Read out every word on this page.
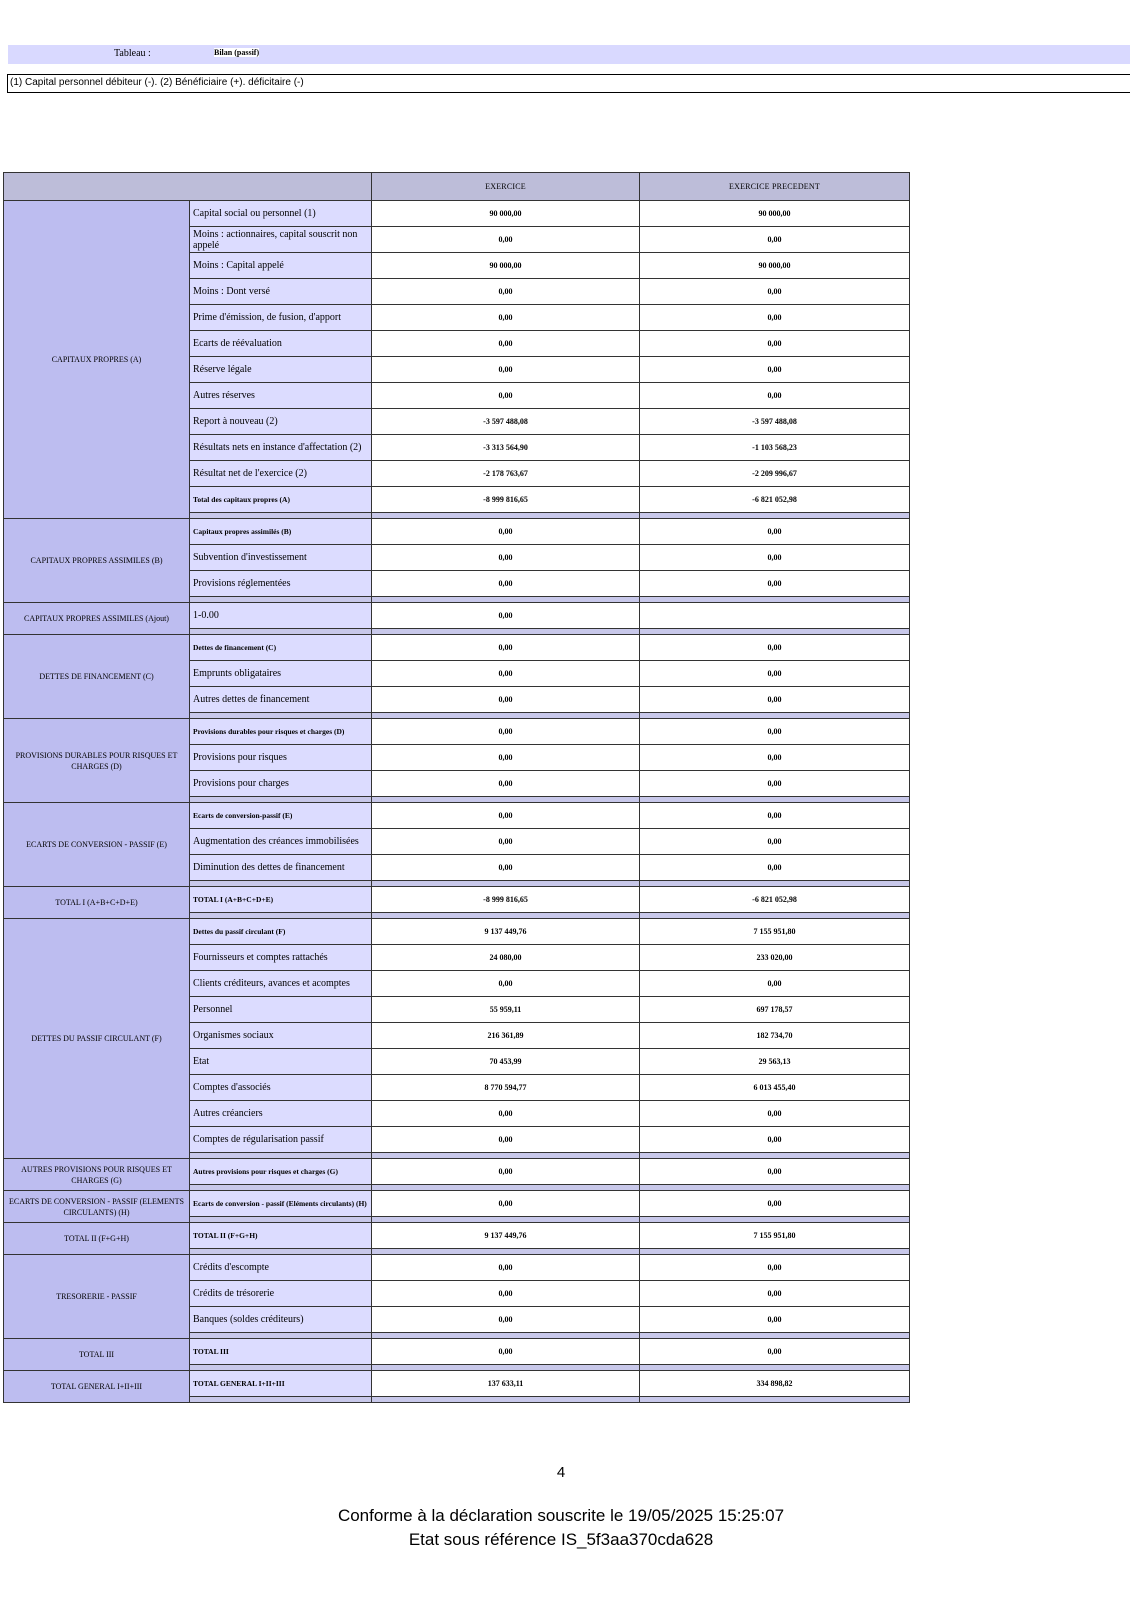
Tableau :	Bilan (passif)
(1) Capital personnel débiteur (-). (2) Bénéficiaire (+). déficitaire (-)
		EXERCICE	EXERCICE PRECEDENT
CAPITAUX PROPRES (A)	Capital social ou personnel (1)	90 000,00	90 000,00
	Moins : actionnaires, capital souscrit non appelé	0,00	0,00
	Moins : Capital appelé	90 000,00	90 000,00
	Moins : Dont versé	0,00	0,00
	Prime d'émission, de fusion, d'apport	0,00	0,00
	Ecarts de réévaluation	0,00	0,00
	Réserve légale	0,00	0,00
	Autres réserves	0,00	0,00
	Report à nouveau (2)	-3 597 488,08	-3 597 488,08
	Résultats nets en instance d'affectation (2)	-3 313 564,90	-1 103 568,23
	Résultat net de l'exercice (2)	-2 178 763,67	-2 209 996,67
	Total des capitaux propres (A)	-8 999 816,65	-6 821 052,98

CAPITAUX PROPRES ASSIMILES (B)	Capitaux propres assimilés (B)	0,00	0,00
	Subvention d'investissement	0,00	0,00
	Provisions réglementées	0,00	0,00

CAPITAUX PROPRES ASSIMILES (Ajout)	1-0.00	0,00	

DETTES DE FINANCEMENT (C)	Dettes de financement (C)	0,00	0,00
	Emprunts obligataires	0,00	0,00
	Autres dettes de financement	0,00	0,00

PROVISIONS DURABLES POUR RISQUES ET CHARGES (D)	Provisions durables pour risques et charges (D)	0,00	0,00
	Provisions pour risques	0,00	0,00
	Provisions pour charges	0,00	0,00

ECARTS DE CONVERSION - PASSIF (E)	Ecarts de conversion-passif (E)	0,00	0,00
	Augmentation des créances immobilisées	0,00	0,00
	Diminution des dettes de financement	0,00	0,00

TOTAL I (A+B+C+D+E)	TOTAL I (A+B+C+D+E)	-8 999 816,65	-6 821 052,98

DETTES DU PASSIF CIRCULANT (F)	Dettes du passif circulant (F)	9 137 449,76	7 155 951,80
	Fournisseurs et comptes rattachés	24 080,00	233 020,00
	Clients créditeurs, avances et acomptes	0,00	0,00
	Personnel	55 959,11	697 178,57
	Organismes sociaux	216 361,89	182 734,70
	Etat	70 453,99	29 563,13
	Comptes d'associés	8 770 594,77	6 013 455,40
	Autres créanciers	0,00	0,00
	Comptes de régularisation passif	0,00	0,00

AUTRES PROVISIONS POUR RISQUES ET CHARGES (G)	Autres provisions pour risques et charges (G)	0,00	0,00

ECARTS DE CONVERSION - PASSIF (ELEMENTS CIRCULANTS) (H)	Ecarts de conversion - passif (Eléments circulants) (H)	0,00	0,00

TOTAL II (F+G+H)	TOTAL II (F+G+H)	9 137 449,76	7 155 951,80

TRESORERIE - PASSIF	Crédits d'escompte	0,00	0,00
	Crédits de trésorerie	0,00	0,00
	Banques (soldes créditeurs)	0,00	0,00

TOTAL III	TOTAL III	0,00	0,00

TOTAL GENERAL I+II+III	TOTAL GENERAL I+II+III	137 633,11	334 898,82

4
Conforme à la déclaration souscrite le 19/05/2025 15:25:07
Etat sous référence IS_5f3aa370cda628
